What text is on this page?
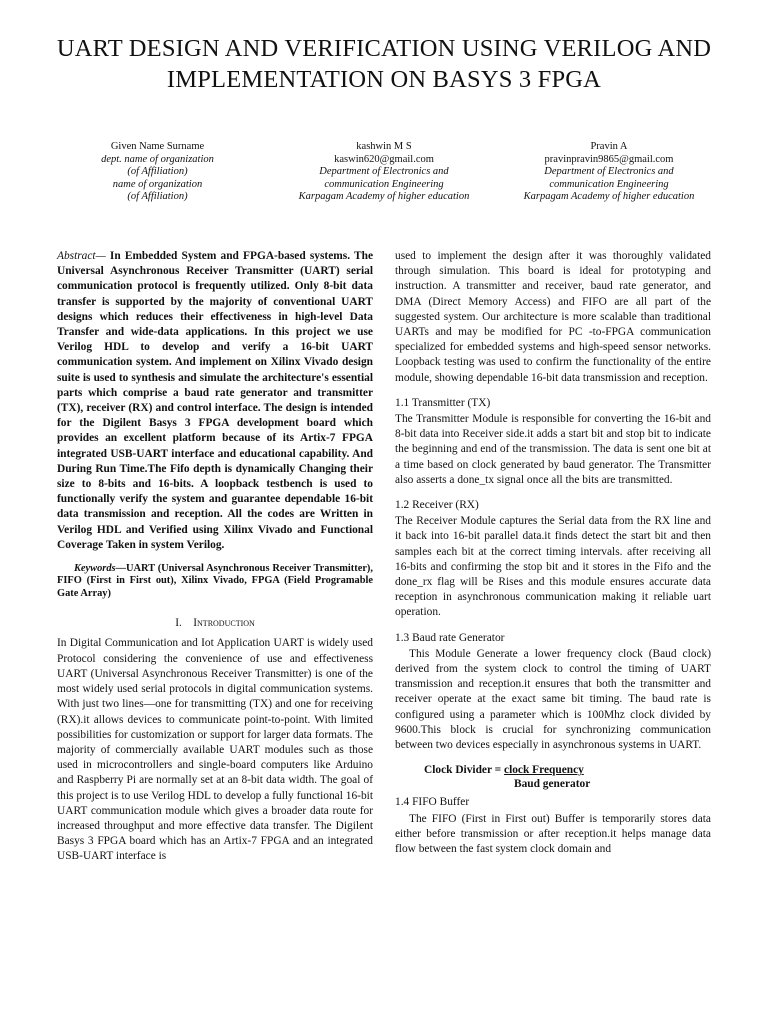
UART DESIGN AND VERIFICATION USING VERILOG AND IMPLEMENTATION ON BASYS 3 FPGA
Given Name Surname
dept. name of organization
(of Affiliation)
name of organization
(of Affiliation)
kashwin M S
kaswin620@gmail.com
Department of Electronics and
communication Engineering
Karpagam Academy of higher education
Pravin A
pravinpravin9865@gmail.com
Department of Electronics and
communication Engineering
Karpagam Academy of higher education

Abstract— In Embedded System and FPGA-based systems. The Universal Asynchronous Receiver Transmitter (UART) serial communication protocol is frequently utilized. Only 8-bit data transfer is supported by the majority of conventional UART designs which reduces their effectiveness in high-level Data Transfer and wide-data applications. In this project we use Verilog HDL to develop and verify a 16-bit UART communication system. And implement on Xilinx Vivado design suite is used to synthesis and simulate the architecture's essential parts which comprise a baud rate generator and transmitter (TX), receiver (RX) and control interface. The design is intended for the Digilent Basys 3 FPGA development board which provides an excellent platform because of its Artix-7 FPGA integrated USB-UART interface and educational capability. And During Run Time.The Fifo depth is dynamically Changing their size to 8-bits and 16-bits. A loopback testbench is used to functionally verify the system and guarantee dependable 16-bit data transmission and reception. All the codes are Written in Verilog HDL and Verified using Xilinx Vivado and Functional Coverage Taken in system Verilog.

Keywords—UART (Universal Asynchronous Receiver Transmitter), FIFO (First in First out), Xilinx Vivado, FPGA (Field Programable Gate Array)

I. Introduction

In Digital Communication and Iot Application UART is widely used Protocol considering the convenience of use and effectiveness UART (Universal Asynchronous Receiver Transmitter) is one of the most widely used serial protocols in digital communication systems. With just two lines—one for transmitting (TX) and one for receiving (RX).it allows devices to communicate point-to-point. With limited possibilities for customization or support for larger data formats. The majority of commercially available UART modules such as those used in microcontrollers and single-board computers like Arduino and Raspberry Pi are normally set at an 8-bit data width. The goal of this project is to use Verilog HDL to develop a fully functional 16-bit UART communication module which gives a broader data route for increased throughput and more effective data transfer. The Digilent Basys 3 FPGA board which has an Artix-7 FPGA and an integrated USB-UART interface is

used to implement the design after it was thoroughly validated through simulation. This board is ideal for prototyping and instruction. A transmitter and receiver, baud rate generator, and DMA (Direct Memory Access) and FIFO are all part of the suggested system. Our architecture is more scalable than traditional UARTs and may be modified for PC -to-FPGA communication specialized for embedded systems and high-speed sensor networks. Loopback testing was used to confirm the functionality of the entire module, showing dependable 16-bit data transmission and reception.

1.1 Transmitter (TX)

The Transmitter Module is responsible for converting the 16-bit and 8-bit data into Receiver side.it adds a start bit and stop bit to indicate the beginning and end of the transmission. The data is sent one bit at a time based on clock generated by baud generator. The Transmitter also asserts a done_tx signal once all the bits are transmitted.

1.2 Receiver (RX)

The Receiver Module captures the Serial data from the RX line and it back into 16-bit parallel data.it finds detect the start bit and then samples each bit at the correct timing intervals. after receiving all 16-bits and confirming the stop bit and it stores in the Fifo and the done_rx flag will be Rises and this module ensures accurate data reception in asynchronous communication making it reliable uart operation.

1.3 Baud rate Generator

This Module Generate a lower frequency clock (Baud clock) derived from the system clock to control the timing of UART transmission and reception.it ensures that both the transmitter and receiver operate at the exact same bit timing. The baud rate is configured using a parameter which is 100Mhz clock divided by 9600.This block is crucial for synchronizing communication between two devices especially in asynchronous systems in UART.

Clock Divider = clock Frequency
Baud generator
1.4 FIFO Buffer

The FIFO (First in First out) Buffer is temporarily stores data either before transmission or after reception.it helps manage data flow between the fast system clock domain and
